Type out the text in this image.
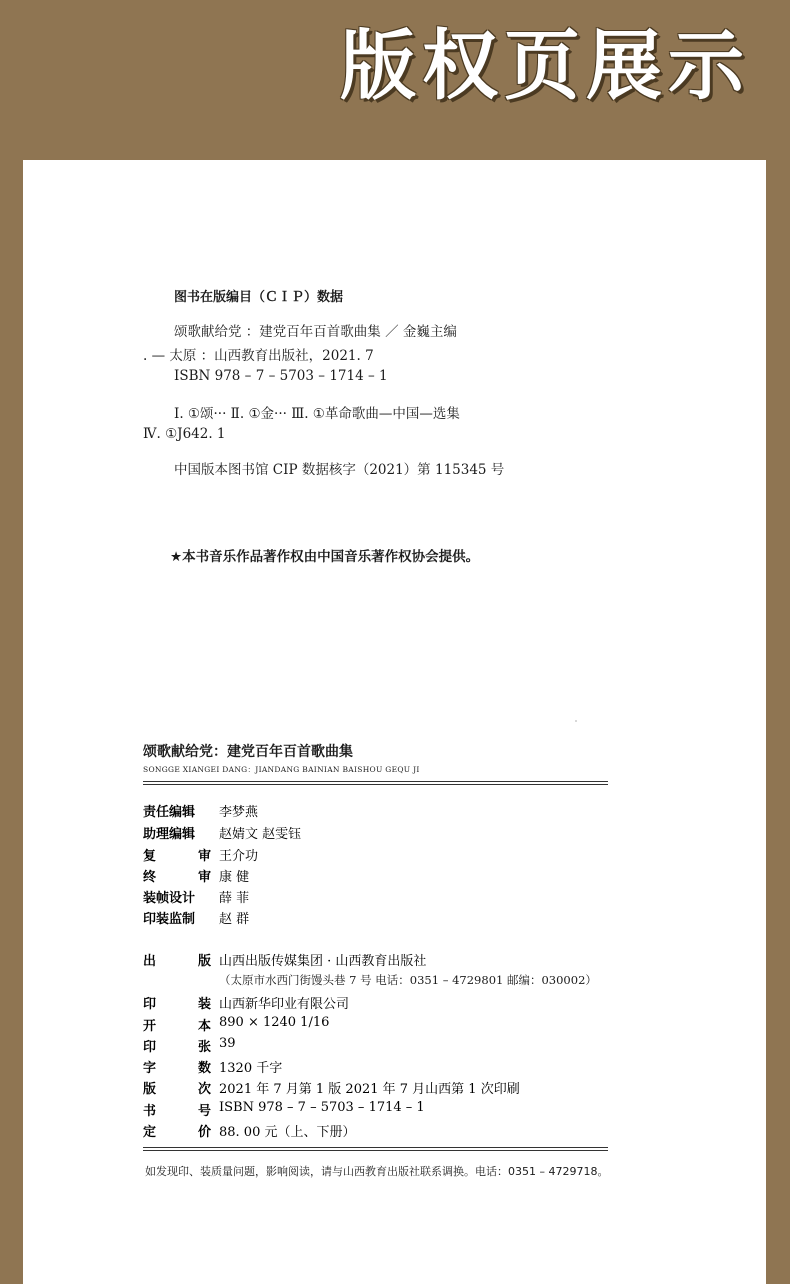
版权页展示
图书在版编目（ＣＩＰ）数据
颂歌献给党 ：建党百年百首歌曲集 ／ 金巍主编
. — 太原 ：山西教育出版社，2021. 7
ISBN 978 – 7 – 5703 – 1714 – 1
Ⅰ. ①颂··· Ⅱ. ①金··· Ⅲ. ①革命歌曲—中国—选集
Ⅳ. ①J642. 1
中国版本图书馆 CIP 数据核字（2021）第 115345 号
★本书音乐作品著作权由中国音乐著作权协会提供。
颂歌献给党：建党百年百首歌曲集
SONGGE XIANGEI DANG：JIANDANG BAINIAN BAISHOU GEQU JI
责任编辑	李梦燕
助理编辑	赵婧文 赵雯钰
复	审 王介功
终	审 康 健
装帧设计	薛 菲
印装监制	赵 群
出	版 山西出版传媒集团 · 山西教育出版社
（太原市水西门街馒头巷 7 号 电话：0351 – 4729801 邮编：030002）
印	装 山西新华印业有限公司
开	本 890 × 1240 1/16
印	张 39
字	数 1320 千字
版	次 2021 年 7 月第 1 版 2021 年 7 月山西第 1 次印刷
书	号 ISBN 978 – 7 – 5703 – 1714 – 1
定	价 88. 00 元（上、下册）
如发现印、装质量问题，影响阅读，请与山西教育出版社联系调换。电话：0351 – 4729718。
